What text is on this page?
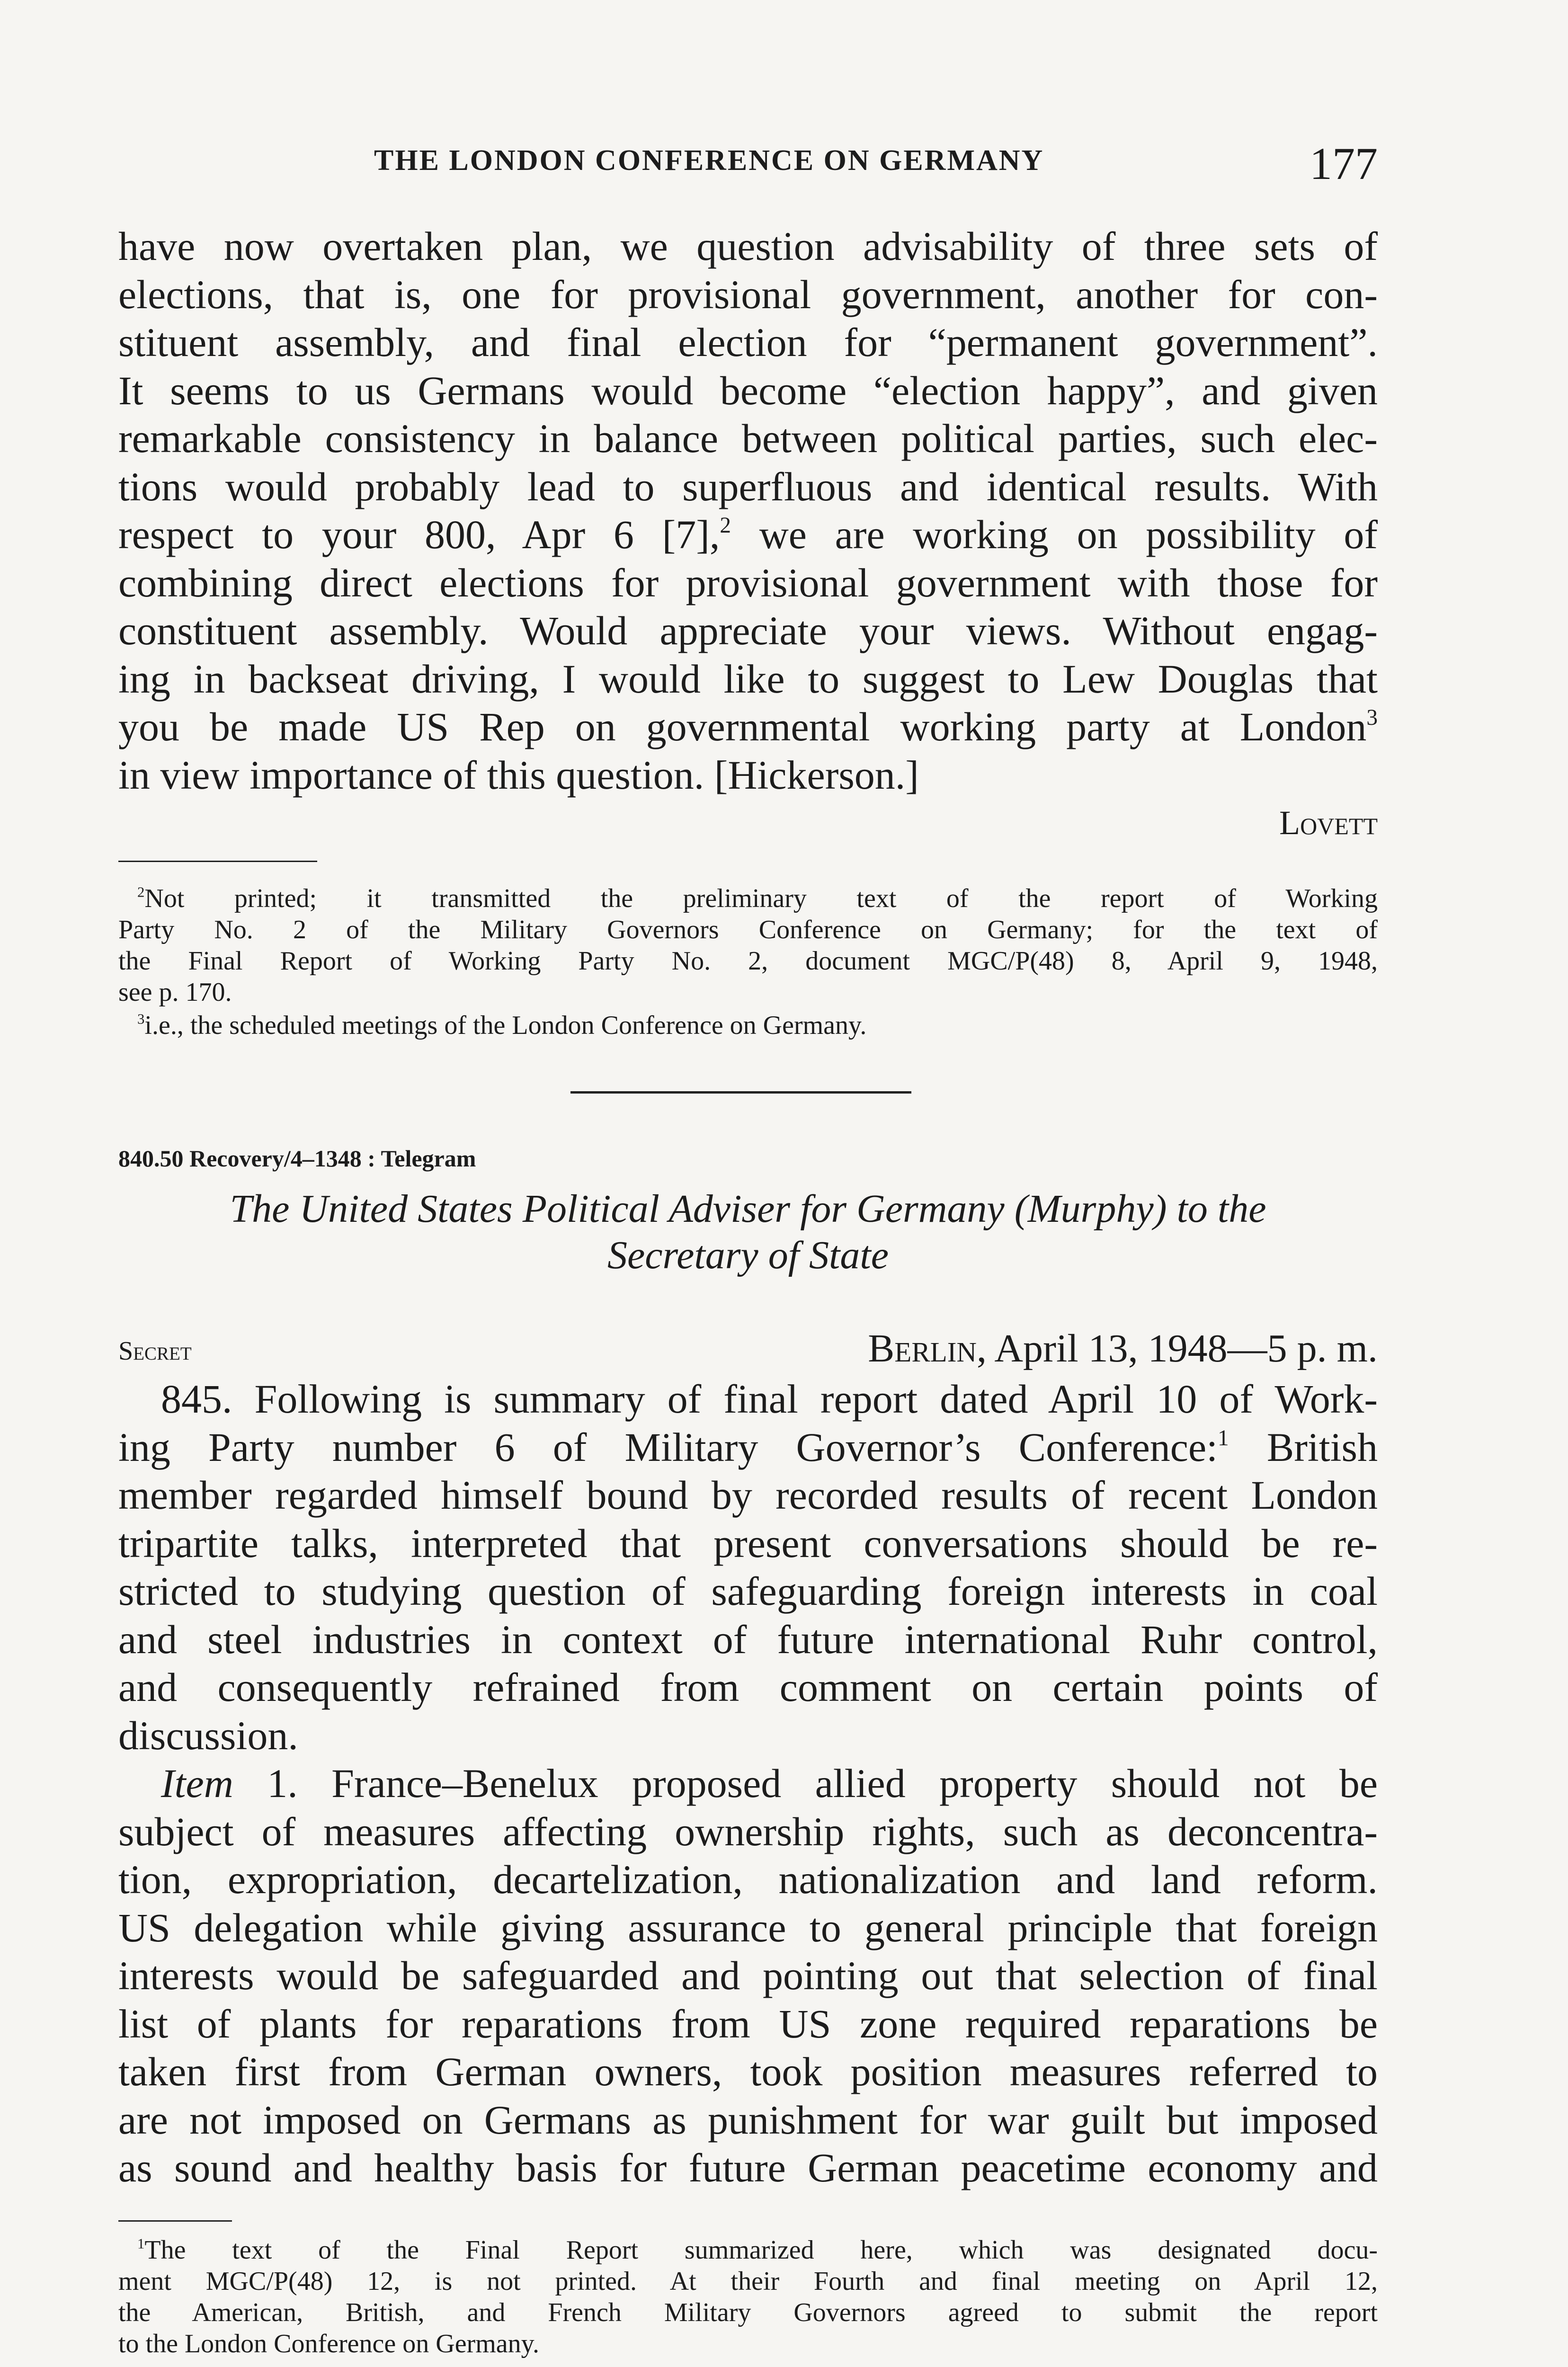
THE LONDON CONFERENCE ON GERMANY	177
have now overtaken plan, we question advisability of three sets of
elections, that is, one for provisional government, another for con-
stituent assembly, and final election for “permanent government”.
It seems to us Germans would become “election happy”, and given
remarkable consistency in balance between political parties, such elec-
tions would probably lead to superfluous and identical results. With
respect to your 800, Apr 6 [7],$^2$ we are working on possibility of
combining direct elections for provisional government with those for
constituent assembly. Would appreciate your views. Without engag-
ing in backseat driving, I would like to suggest to Lew Douglas that
you be made US Rep on governmental working party at London$^3$
in view importance of this question. [Hickerson.]
Lovett
$^2$Not printed; it transmitted the preliminary text of the report of Working
Party No. 2 of the Military Governors Conference on Germany; for the text of
the Final Report of Working Party No. 2, document MGC/P(48) 8, April 9, 1948,
see p. 170.
$^3$i.e., the scheduled meetings of the London Conference on Germany.
840.50 Recovery/4–1348 : Telegram
The United States Political Adviser for Germany (Murphy) to the
Secretary of State
Secret	Berlin, April 13, 1948—5 p. m.
845. Following is summary of final report dated April 10 of Work-
ing Party number 6 of Military Governor’s Conference:$^1$ British
member regarded himself bound by recorded results of recent London
tripartite talks, interpreted that present conversations should be re-
stricted to studying question of safeguarding foreign interests in coal
and steel industries in context of future international Ruhr control,
and consequently refrained from comment on certain points of
discussion.
Item 1. France–Benelux proposed allied property should not be
subject of measures affecting ownership rights, such as deconcentra-
tion, expropriation, decartelization, nationalization and land reform.
US delegation while giving assurance to general principle that foreign
interests would be safeguarded and pointing out that selection of final
list of plants for reparations from US zone required reparations be
taken first from German owners, took position measures referred to
are not imposed on Germans as punishment for war guilt but imposed
as sound and healthy basis for future German peacetime economy and
$^1$The text of the Final Report summarized here, which was designated docu-
ment MGC/P(48) 12, is not printed. At their Fourth and final meeting on April 12,
the American, British, and French Military Governors agreed to submit the report
to the London Conference on Germany.
